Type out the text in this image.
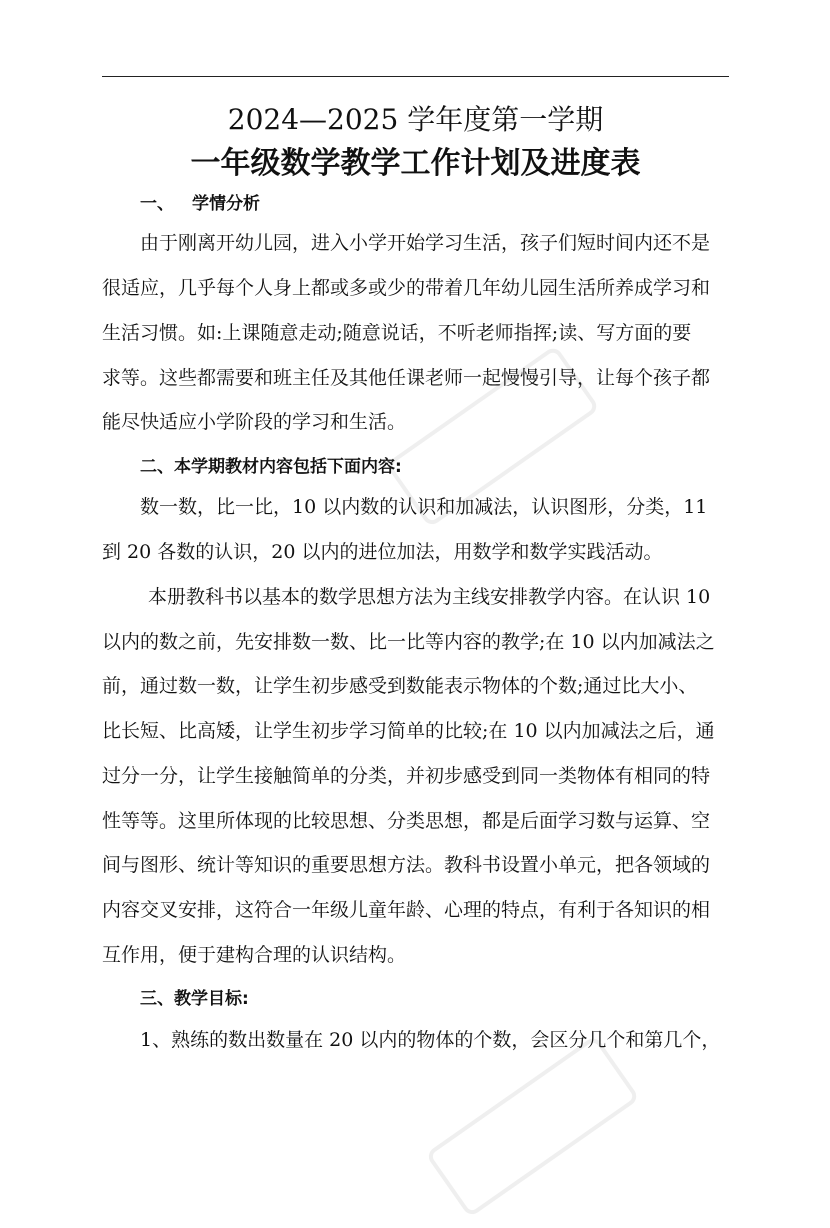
2024—2025 学年度第一学期
一年级数学教学工作计划及进度表
一、 学情分析
由于刚离开幼儿园，进入小学开始学习生活，孩子们短时间内还不是
很适应，几乎每个人身上都或多或少的带着几年幼儿园生活所养成学习和
生活习惯。如:上课随意走动;随意说话，不听老师指挥;读、写方面的要
求等。这些都需要和班主任及其他任课老师一起慢慢引导，让每个孩子都
能尽快适应小学阶段的学习和生活。
二、本学期教材内容包括下面内容:
数一数，比一比，10 以内数的认识和加减法，认识图形，分类，11
到 20 各数的认识，20 以内的进位加法，用数学和数学实践活动。
本册教科书以基本的数学思想方法为主线安排教学内容。在认识 10
以内的数之前，先安排数一数、比一比等内容的教学;在 10 以内加减法之
前，通过数一数，让学生初步感受到数能表示物体的个数;通过比大小、
比长短、比高矮，让学生初步学习简单的比较;在 10 以内加减法之后，通
过分一分，让学生接触简单的分类，并初步感受到同一类物体有相同的特
性等等。这里所体现的比较思想、分类思想，都是后面学习数与运算、空
间与图形、统计等知识的重要思想方法。教科书设置小单元，把各领域的
内容交叉安排，这符合一年级儿童年龄、心理的特点，有利于各知识的相
互作用，便于建构合理的认识结构。
三、教学目标:
1、熟练的数出数量在 20 以内的物体的个数，会区分几个和第几个，
